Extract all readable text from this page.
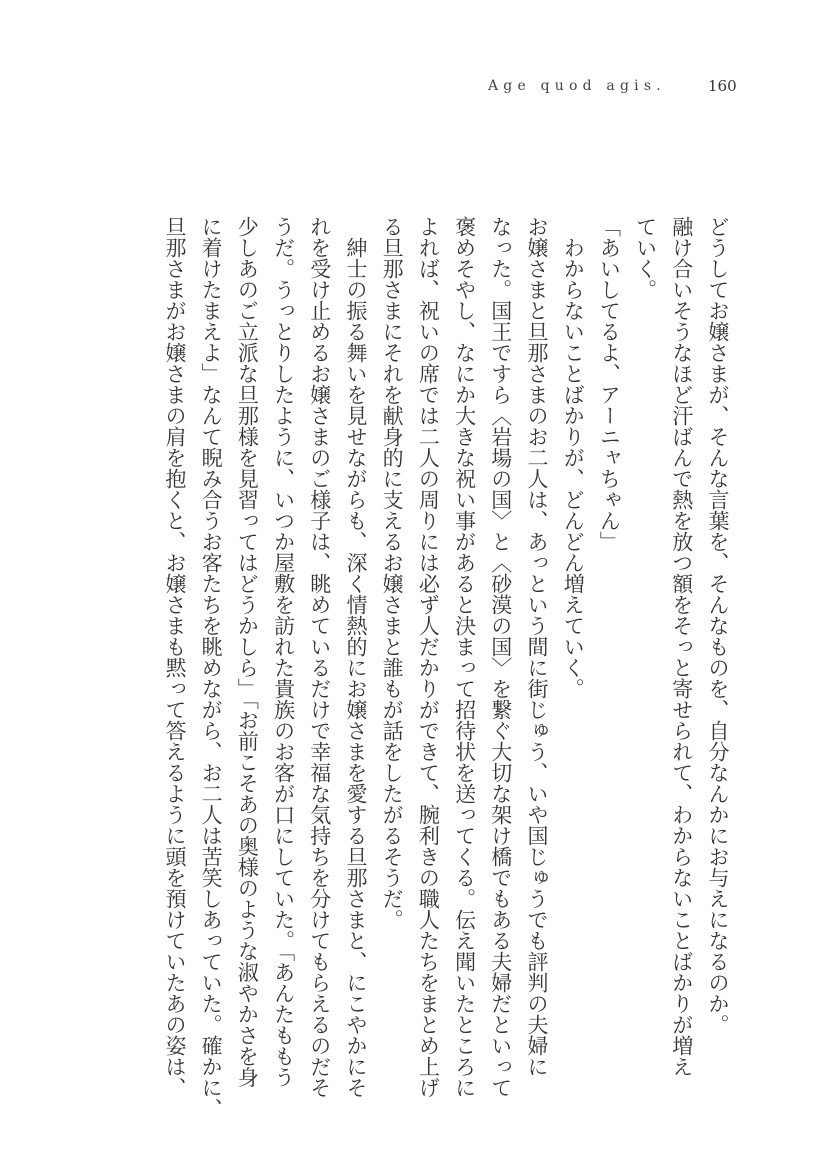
Age quod agis.	160
どうしてお嬢さまが、そんな言葉を、そんなものを、自分なんかにお与えになるのか。
融け合いそうなほど汗ばんで熱を放つ額をそっと寄せられて、わからないことばかりが増え
ていく。
「あいしてるよ、アーニャちゃん」
　わからないことばかりが、どんどん増えていく。
お嬢さまと旦那さまのお二人は、あっという間に街じゅう、いや国じゅうでも評判の夫婦に
なった。国王ですら〈岩場の国〉と〈砂漠の国〉を繋ぐ大切な架け橋でもある夫婦だといって
褒めそやし、なにか大きな祝い事があると決まって招待状を送ってくる。伝え聞いたところに
よれば、祝いの席では二人の周りには必ず人だかりができて、腕利きの職人たちをまとめ上げ
る旦那さまにそれを献身的に支えるお嬢さまと誰もが話をしたがるそうだ。
　紳士の振る舞いを見せながらも、深く情熱的にお嬢さまを愛する旦那さまと、にこやかにそ
れを受け止めるお嬢さまのご様子は、眺めているだけで幸福な気持ちを分けてもらえるのだそ
うだ。うっとりしたように、いつか屋敷を訪れた貴族のお客が口にしていた。「あんたももう
少しあのご立派な旦那様を見習ってはどうかしら」「お前こそあの奥様のような淑やかさを身
に着けたまえよ」なんて睨み合うお客たちを眺めながら、お二人は苦笑しあっていた。確かに、
旦那さまがお嬢さまの肩を抱くと、お嬢さまも黙って答えるように頭を預けていたあの姿は、
